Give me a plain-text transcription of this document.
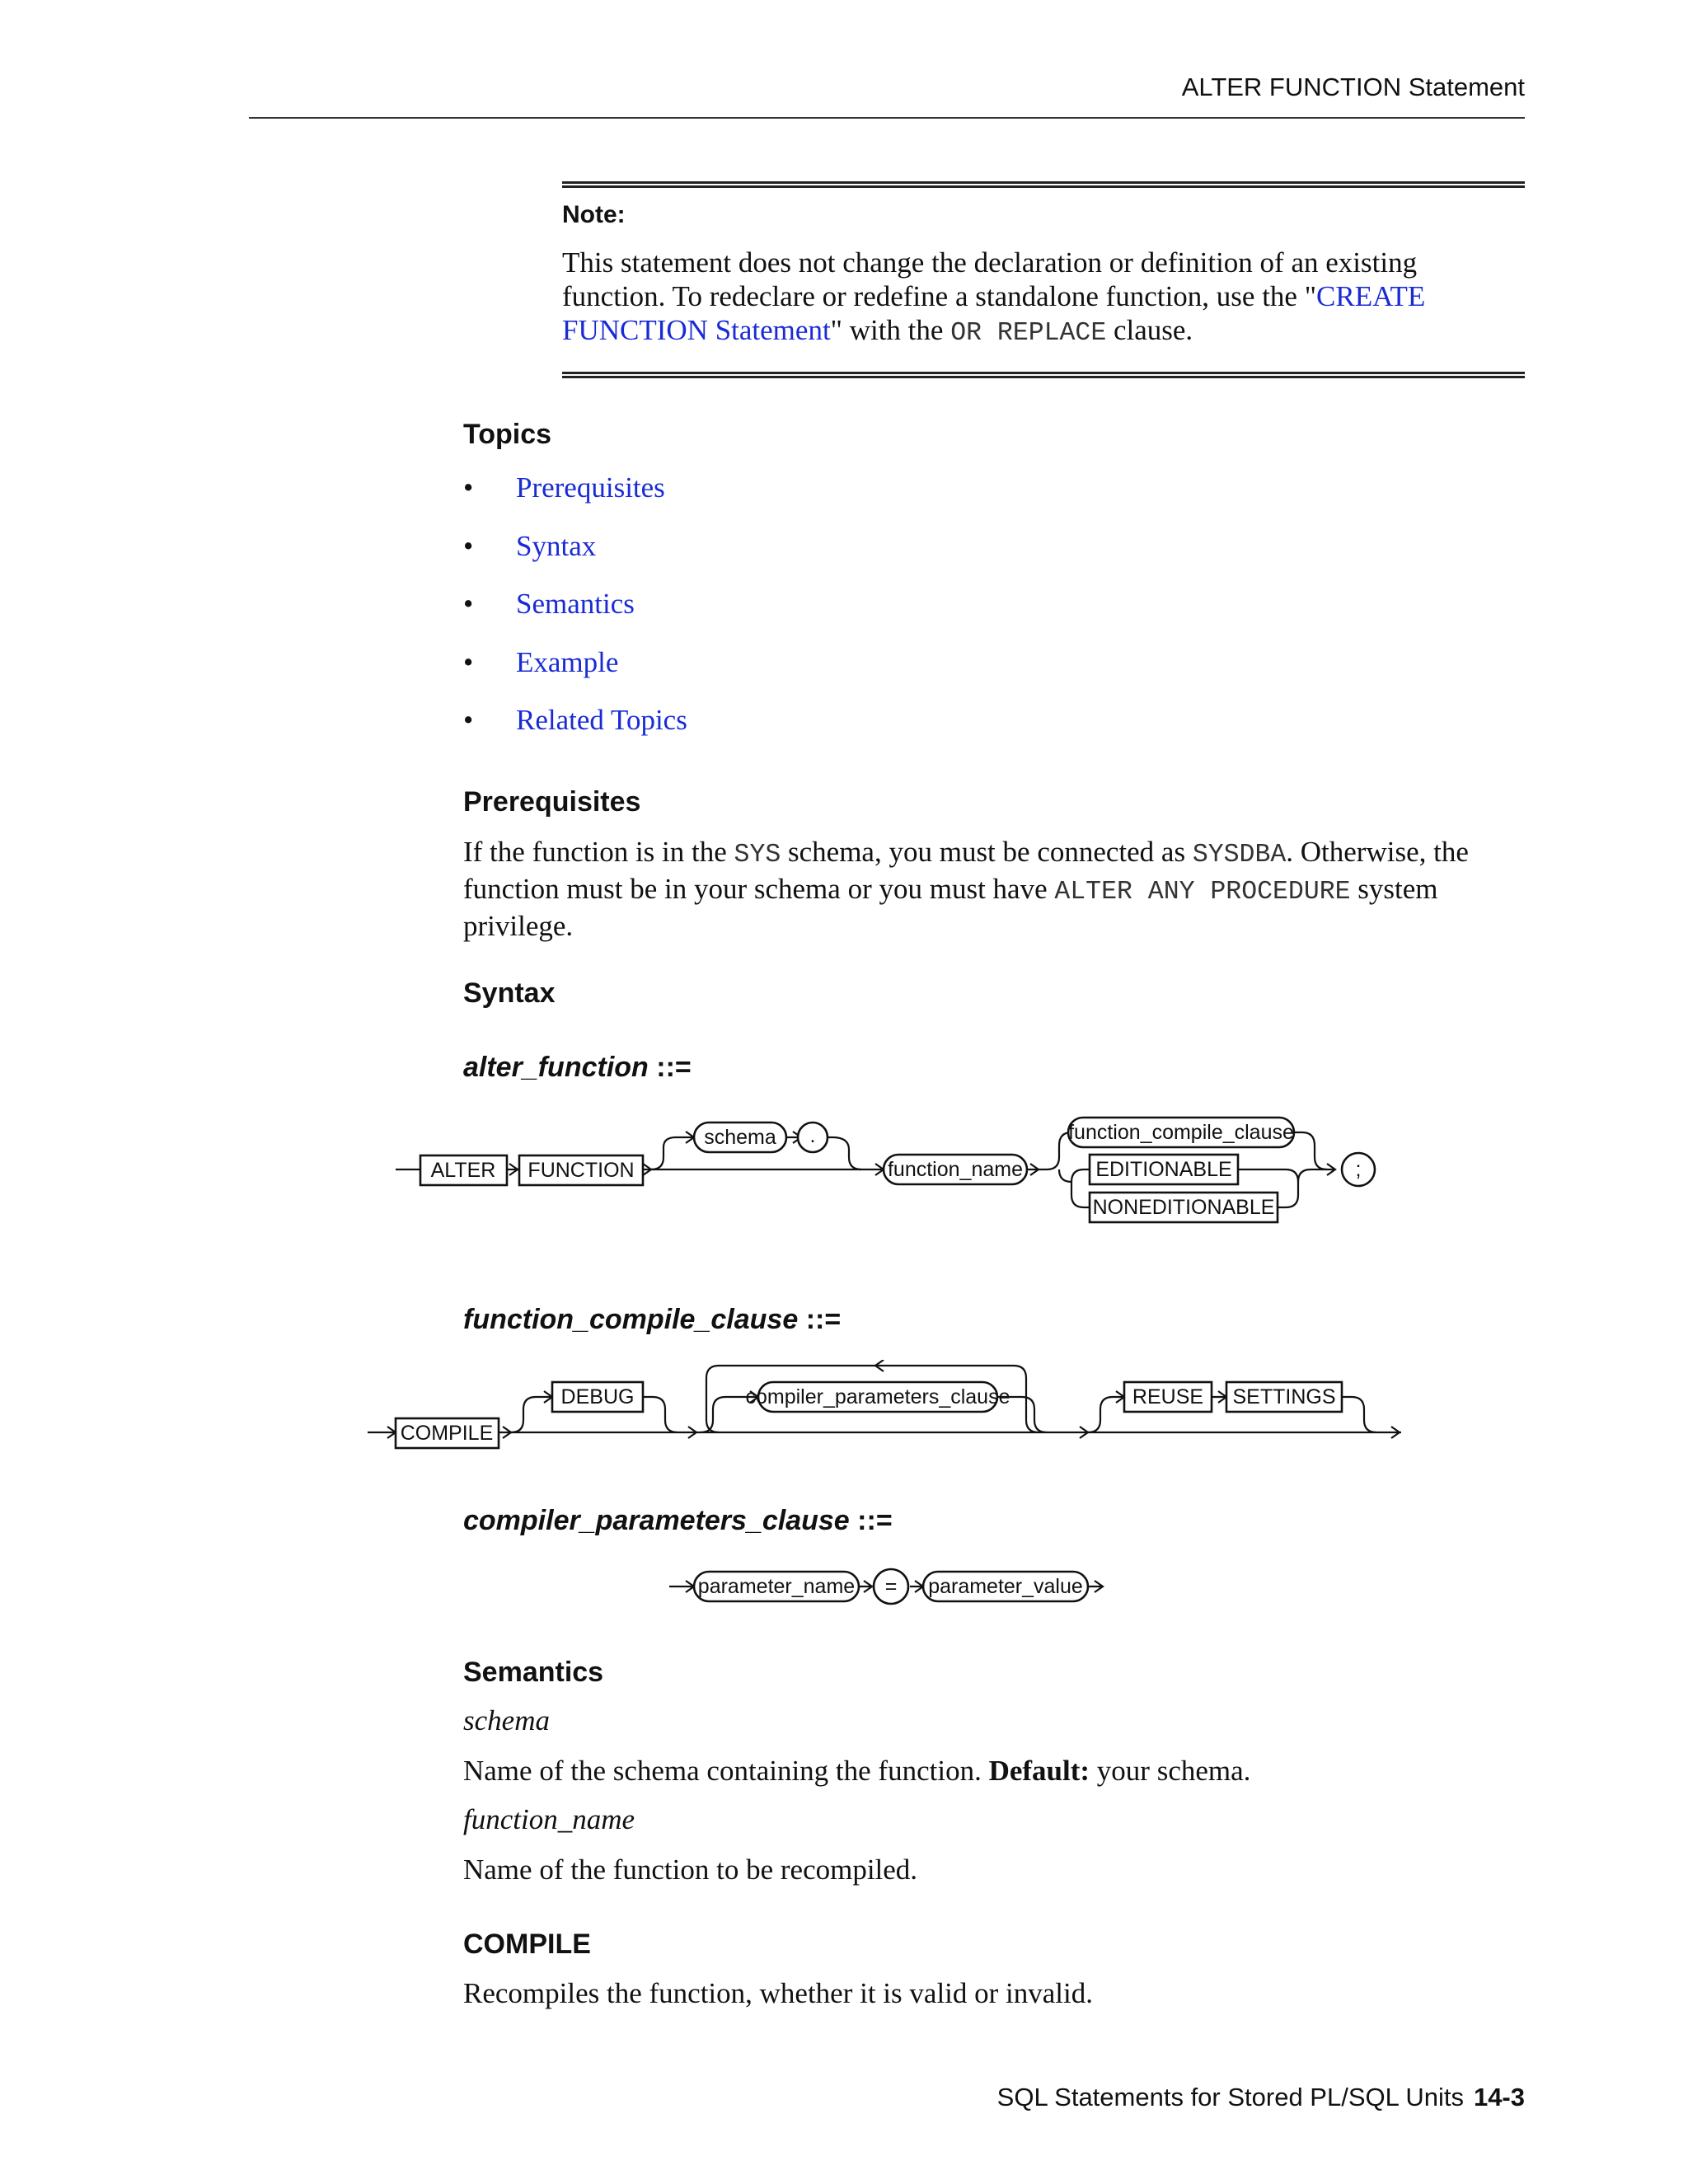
ALTER FUNCTION Statement
Note:
This statement does not change the declaration or definition of an existing function. To redeclare or redefine a standalone function, use the "CREATE FUNCTION Statement" with the OR REPLACE clause.
Topics
•	Prerequisites
•	Syntax
•	Semantics
•	Example
•	Related Topics
Prerequisites
If the function is in the SYS schema, you must be connected as SYSDBA. Otherwise, the function must be in your schema or you must have ALTER ANY PROCEDURE system privilege.
Syntax
alter_function ::=
ALTER FUNCTION
schema .
function_name
function_compile_clause
EDITIONABLE
NONEDITIONABLE
;
function_compile_clause ::=
COMPILE
DEBUG	compiler_parameters_clause	REUSE SETTINGS
compiler_parameters_clause ::=
parameter_name = parameter_value
Semantics
schema
Name of the schema containing the function. Default: your schema.
function_name
Name of the function to be recompiled.
COMPILE
Recompiles the function, whether it is valid or invalid.
SQL Statements for Stored PL/SQL Units 14-3
